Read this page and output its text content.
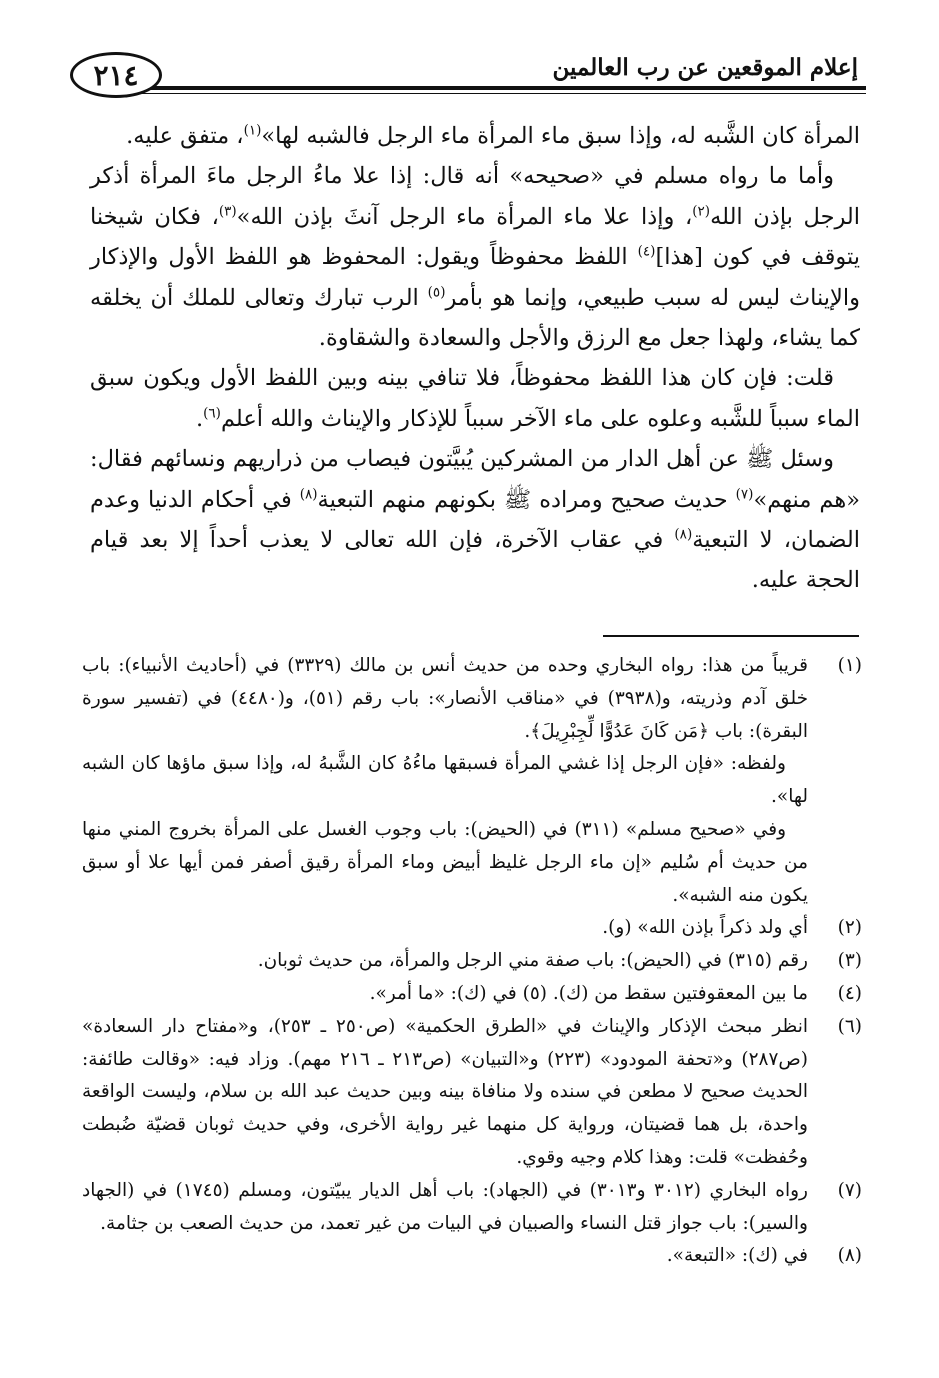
٢١٤	إعلام الموقعين عن رب العالمين

المرأة كان الشَّبه له، وإذا سبق ماء المرأة ماء الرجل فالشبه لها»$^{(١)}$، متفق عليه.

وأما ما رواه مسلم في «صحيحه» أنه قال: إذا علا ماءُ الرجل ماءَ المرأة أذكر الرجل بإذن الله$^{(٢)}$، وإذا علا ماء المرأة ماء الرجل آنثَ بإذن الله»$^{(٣)}$، فكان شيخنا يتوقف في كون [هذا]$^{(٤)}$ اللفظ محفوظاً ويقول: المحفوظ هو اللفظ الأول والإذكار والإيناث ليس له سبب طبيعي، وإنما هو بأمر$^{(٥)}$ الرب تبارك وتعالى للملك أن يخلقه كما يشاء، ولهذا جعل مع الرزق والأجل والسعادة والشقاوة.

قلت: فإن كان هذا اللفظ محفوظاً، فلا تنافي بينه وبين اللفظ الأول ويكون سبق الماء سبباً للشَّبه وعلوه على ماء الآخر سبباً للإذكار والإيناث والله أعلم$^{(٦)}$.

وسئل ﷺ عن أهل الدار من المشركين يُبيَّتون فيصاب من ذراريهم ونسائهم فقال: «هم منهم»$^{(٧)}$ حديث صحيح ومراده ﷺ بكونهم منهم التبعية$^{(٨)}$ في أحكام الدنيا وعدم الضمان، لا التبعية$^{(٨)}$ في عقاب الآخرة، فإن الله تعالى لا يعذب أحداً إلا بعد قيام الحجة عليه.

(١)

قريباً من هذا: رواه البخاري وحده من حديث أنس بن مالك (٣٣٢٩) في (أحاديث الأنبياء): باب خلق آدم وذريته، و(٣٩٣٨) في «مناقب الأنصار»: باب رقم (٥١)، و(٤٤٨٠) في (تفسير سورة البقرة): باب ﴿مَن كَانَ عَدُوًّا لِّجِبْرِيلَ﴾.

ولفظه: «فإن الرجل إذا غشي المرأة فسبقها ماءُهُ كان الشَّبهُ له، وإذا سبق ماؤها كان الشبه لها».

وفي «صحيح مسلم» (٣١١) في (الحيض): باب وجوب الغسل على المرأة بخروج المني منها من حديث أم سُليم «إن ماء الرجل غليظ أبيض وماء المرأة رقيق أصفر فمن أيها علا أو سبق يكون منه الشبه».

(٢)

أي ولد ذكراً بإذن الله» (و).

(٣)

رقم (٣١٥) في (الحيض): باب صفة مني الرجل والمرأة، من حديث ثوبان.

(٤)

ما بين المعقوفتين سقط من (ك). (٥) في (ك): «ما أمر».

(٦)

انظر مبحث الإذكار والإيناث في «الطرق الحكمية» (ص٢٥٠ ـ ٢٥٣)، و«مفتاح دار السعادة» (ص٢٨٧) و«تحفة المودود» (٢٢٣) و«التبيان» (ص٢١٣ ـ ٢١٦ مهم). وزاد فيه: «وقالت طائفة: الحديث صحيح لا مطعن في سنده ولا منافاة بينه وبين حديث عبد الله بن سلام، وليست الواقعة واحدة، بل هما قضيتان، ورواية كل منهما غير رواية الأخرى، وفي حديث ثوبان قضيّة ضُبطت وحُفظت» قلت: وهذا كلام وجيه وقوي.

(٧)

رواه البخاري (٣٠١٢ و٣٠١٣) في (الجهاد): باب أهل الديار يبيّتون، ومسلم (١٧٤٥) في (الجهاد والسير): باب جواز قتل النساء والصبيان في البيات من غير تعمد، من حديث الصعب بن جثامة.

(٨)

في (ك): «التبعة».
